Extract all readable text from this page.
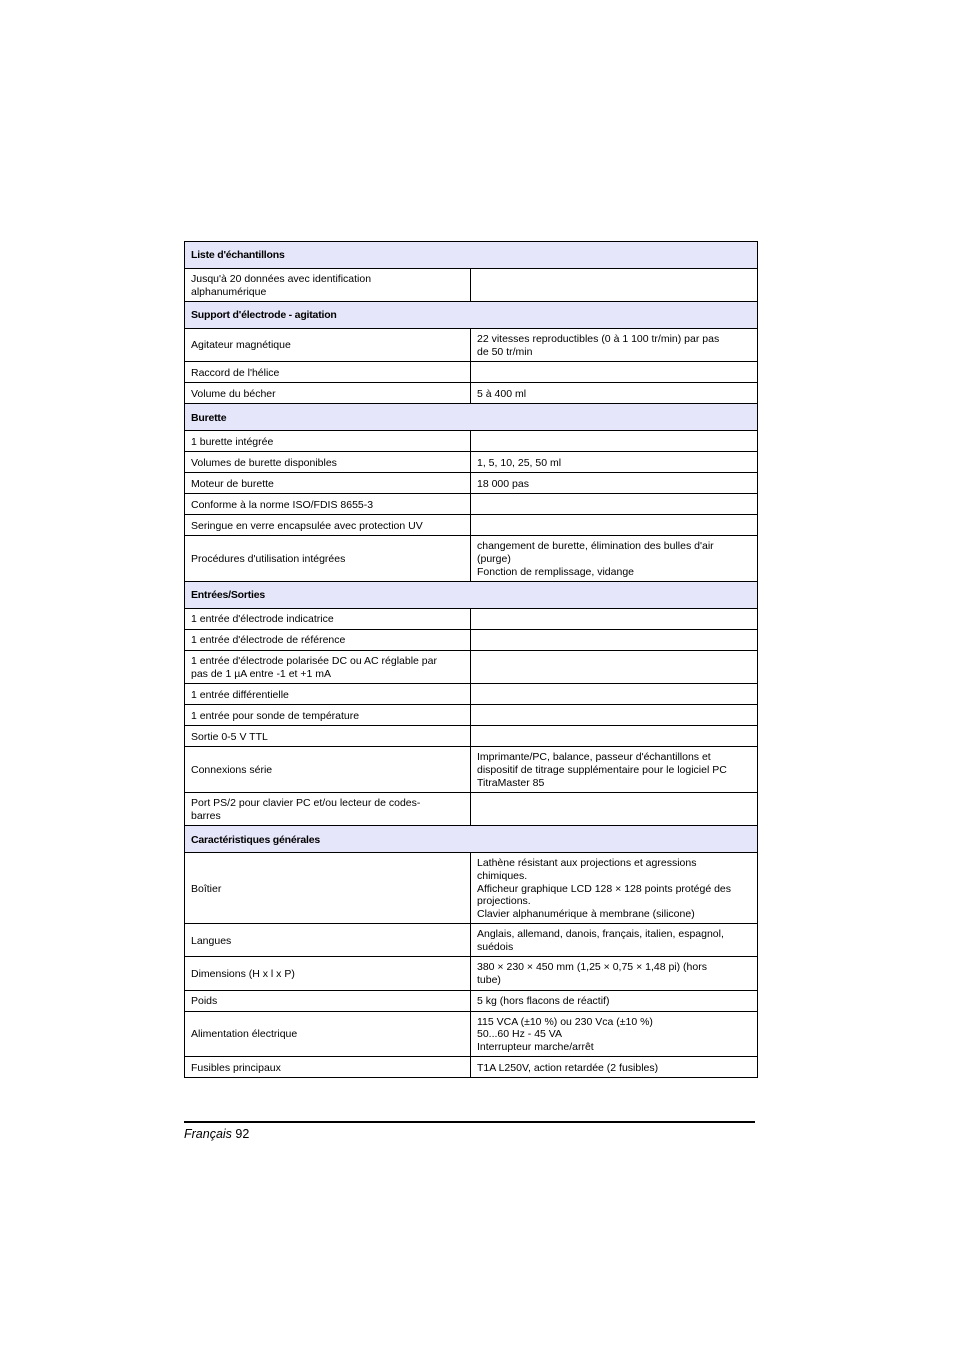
Liste d'échantillons	
Jusqu'à 20 données avec identification
alphanumérique	
Support d'électrode - agitation	
Agitateur magnétique	22 vitesses reproductibles (0 à 1 100 tr/min) par pas
de 50 tr/min
Raccord de l'hélice	
Volume du bécher	5 à 400 ml
Burette	
1 burette intégrée	
Volumes de burette disponibles	1, 5, 10, 25, 50 ml
Moteur de burette	18 000 pas
Conforme à la norme ISO/FDIS 8655-3	
Seringue en verre encapsulée avec protection UV	
Procédures d'utilisation intégrées	changement de burette, élimination des bulles d'air
(purge)
Fonction de remplissage, vidange
Entrées/Sorties	
1 entrée d'électrode indicatrice	
1 entrée d'électrode de référence	
1 entrée d'électrode polarisée DC ou AC réglable par
pas de 1 µA entre -1 et +1 mA	
1 entrée différentielle	
1 entrée pour sonde de température	
Sortie 0-5 V TTL	
Connexions série	Imprimante/PC, balance, passeur d'échantillons et
dispositif de titrage supplémentaire pour le logiciel PC
TitraMaster 85
Port PS/2 pour clavier PC et/ou lecteur de codes-
barres	
Caractéristiques générales	
Boîtier	Lathène résistant aux projections et agressions
chimiques.
Afficheur graphique LCD 128 × 128 points protégé des
projections.
Clavier alphanumérique à membrane (silicone)
Langues	Anglais, allemand, danois, français, italien, espagnol,
suédois
Dimensions (H x l x P)	380 × 230 × 450 mm (1,25 × 0,75 × 1,48 pi) (hors
tube)
Poids	5 kg (hors flacons de réactif)
Alimentation électrique	115 VCA (±10 %) ou 230 Vca (±10 %)
50...60 Hz - 45 VA
Interrupteur marche/arrêt
Fusibles principaux	T1A L250V, action retardée (2 fusibles)
Français 92
